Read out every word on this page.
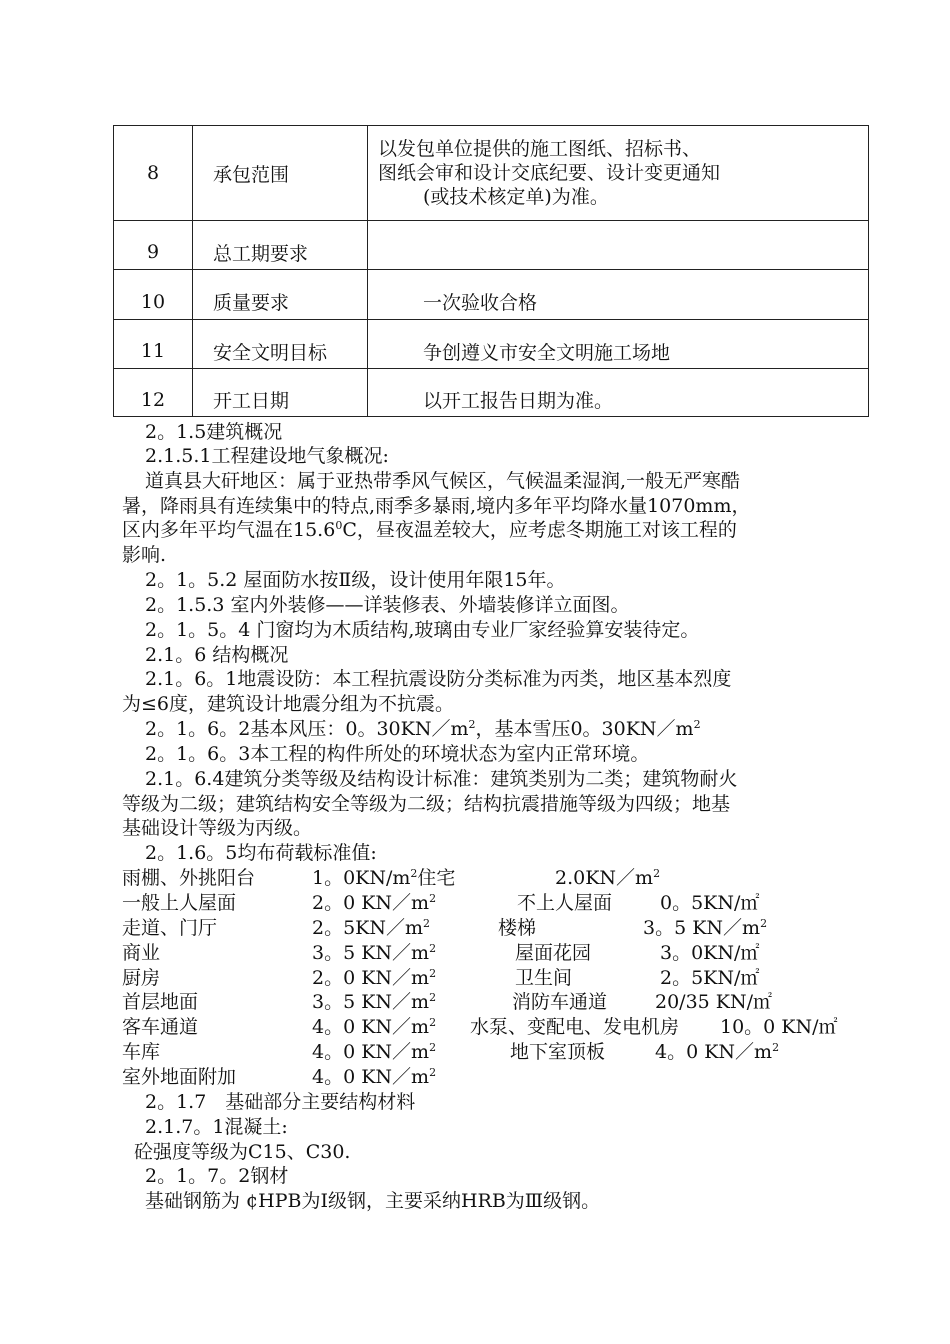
8	承包范围	以发包单位提供的施工图纸、招标书、
图纸会审和设计交底纪要、设计变更通知
(或技术核定单)为准。

9	总工期要求	
10	质量要求	一次验收合格
11	安全文明目标	争创遵义市安全文明施工场地
12	开工日期	以开工报告日期为准。
2。1.5建筑概况
2.1.5.1工程建设地气象概况:
道真县大矸地区：属于亚热带季风气候区，气候温柔湿润,一般无严寒酷
暑，降雨具有连续集中的特点,雨季多暴雨,境内多年平均降水量1070mm，
区内多年平均气温在15.6$^0$C，昼夜温差较大，应考虑冬期施工对该工程的
影响.
2。1。5.2 屋面防水按Ⅱ级，设计使用年限15年。
2。1.5.3 室内外装修——详装修表、外墙装修详立面图。
2。1。5。4 门窗均为木质结构,玻璃由专业厂家经验算安装待定。
2.1。6 结构概况
2.1。6。1地震设防：本工程抗震设防分类标准为丙类，地区基本烈度
为≤6度，建筑设计地震分组为不抗震。
2。1。6。2基本风压：0。$30KN/m^2$，基本雪压0。$30KN/m^2$
2。1。6。3本工程的构件所处的环境状态为室内正常环境。
2.1。6.4建筑分类等级及结构设计标准：建筑类别为二类；建筑物耐火
等级为二级；建筑结构安全等级为二级；结构抗震措施等级为四级；地基
基础设计等级为丙级。
2。1.6。5均布荷载标准值:
雨棚、外挑阳台	1。$0KN/m^2$住宅	$2.0KN/m^2$
一般上人屋面	2。0 $KN/m^2$	不上人屋面	0。5KN/㎡
走道、门厅	2。$5KN/m^2$	楼梯	3。5 $KN/m^2$
商业	3。5 $KN/m^2$	屋面花园	3。0KN/㎡
厨房	2。0 $KN/m^2$	卫生间	2。5KN/㎡
首层地面	3。5 $KN/m^2$	消防车通道	20/35 KN/㎡
客车通道	4。0 $KN/m^2$ 水泵、变配电、发电机房 10。0 KN/㎡
车库	4。0 $KN/m^2$	地下室顶板	4。0 $KN/m^2$
室外地面附加	4。0 $KN/m^2$
2。1.7　基础部分主要结构材料
2.1.7。1混凝土:
砼强度等级为C15、C30.
2。1。7。2钢材
基础钢筋为 ¢HPB为Ⅰ级钢，主要采纳HRB为Ⅲ级钢。
